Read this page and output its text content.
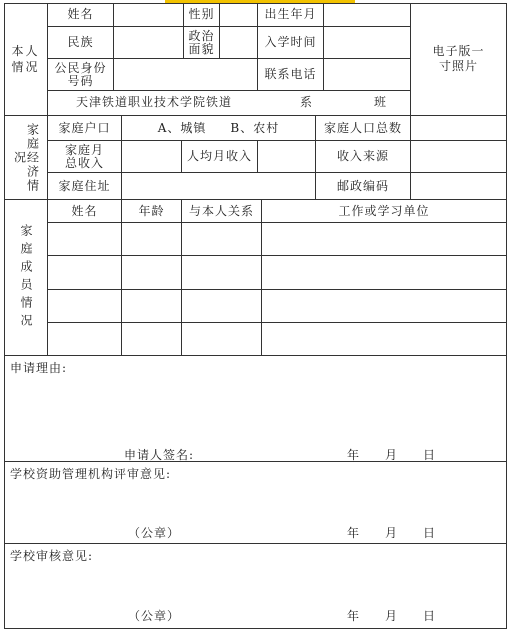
本人情况
姓名	性别	出生年月
民族	政治面貌	入学时间
公民身份号码	联系电话
电子版一寸照片
天津铁道职业技术学院铁道	系	班
家庭经济情况
家庭户口	A、城镇 B、农村	家庭人口总数
家庭月总收入	人均月收入	收入来源
家庭住址	邮政编码
家庭成员情况
姓名	年龄	与本人关系	工作或学习单位
申请理由:
申请人签名:	年 月 日
学校资助管理机构评审意见:
（公章）	年 月 日
学校审核意见:
（公章）	年 月 日
